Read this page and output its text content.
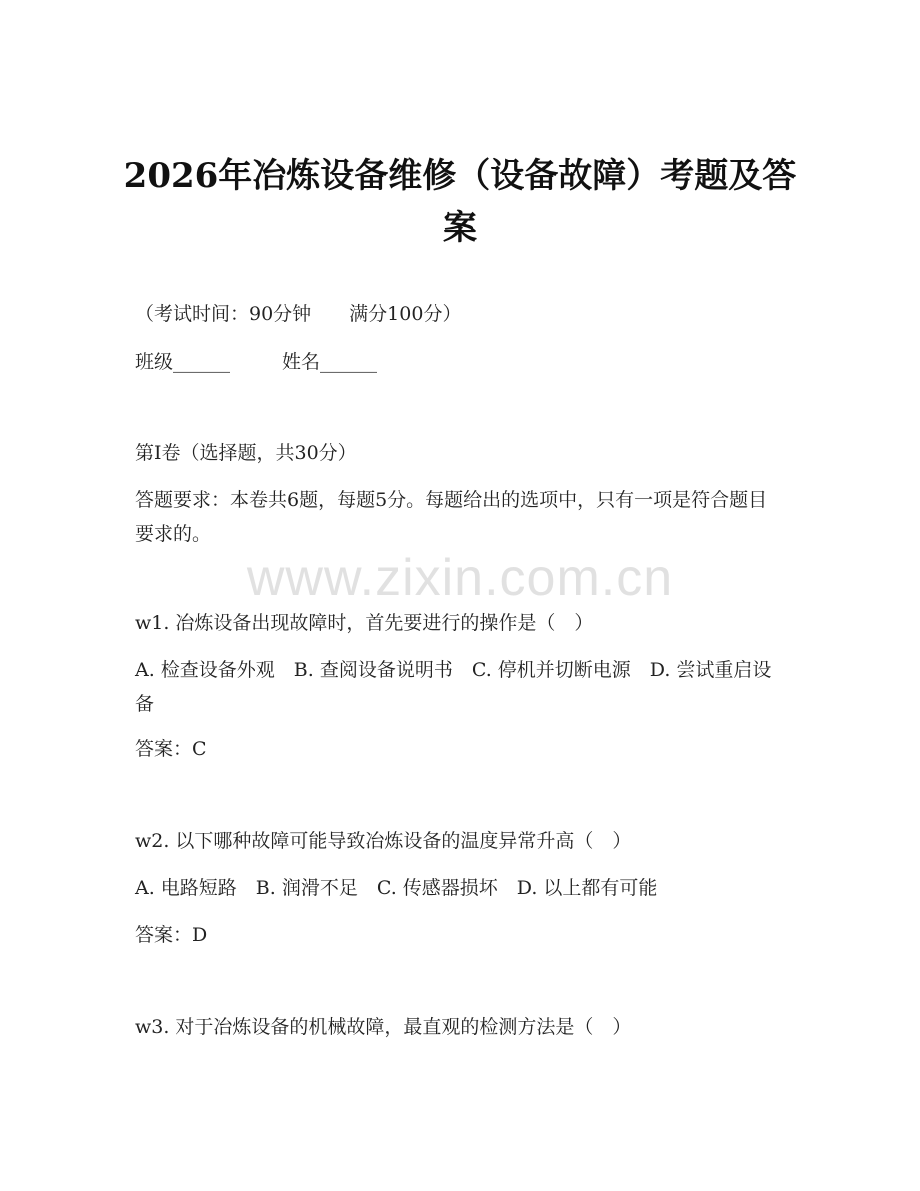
2026年冶炼设备维修（设备故障）考题及答案
（考试时间：90分钟　　满分100分）
班级______	姓名______
第I卷（选择题，共30分）
答题要求：本卷共6题，每题5分。每题给出的选项中，只有一项是符合题目要求的。
www.zixin.com.cn
w1. 冶炼设备出现故障时，首先要进行的操作是（　）
A. 检查设备外观　B. 查阅设备说明书　C. 停机并切断电源　D. 尝试重启设备
答案：C
w2. 以下哪种故障可能导致冶炼设备的温度异常升高（　）
A. 电路短路　B. 润滑不足　C. 传感器损坏　D. 以上都有可能
答案：D
w3. 对于冶炼设备的机械故障，最直观的检测方法是（　）
